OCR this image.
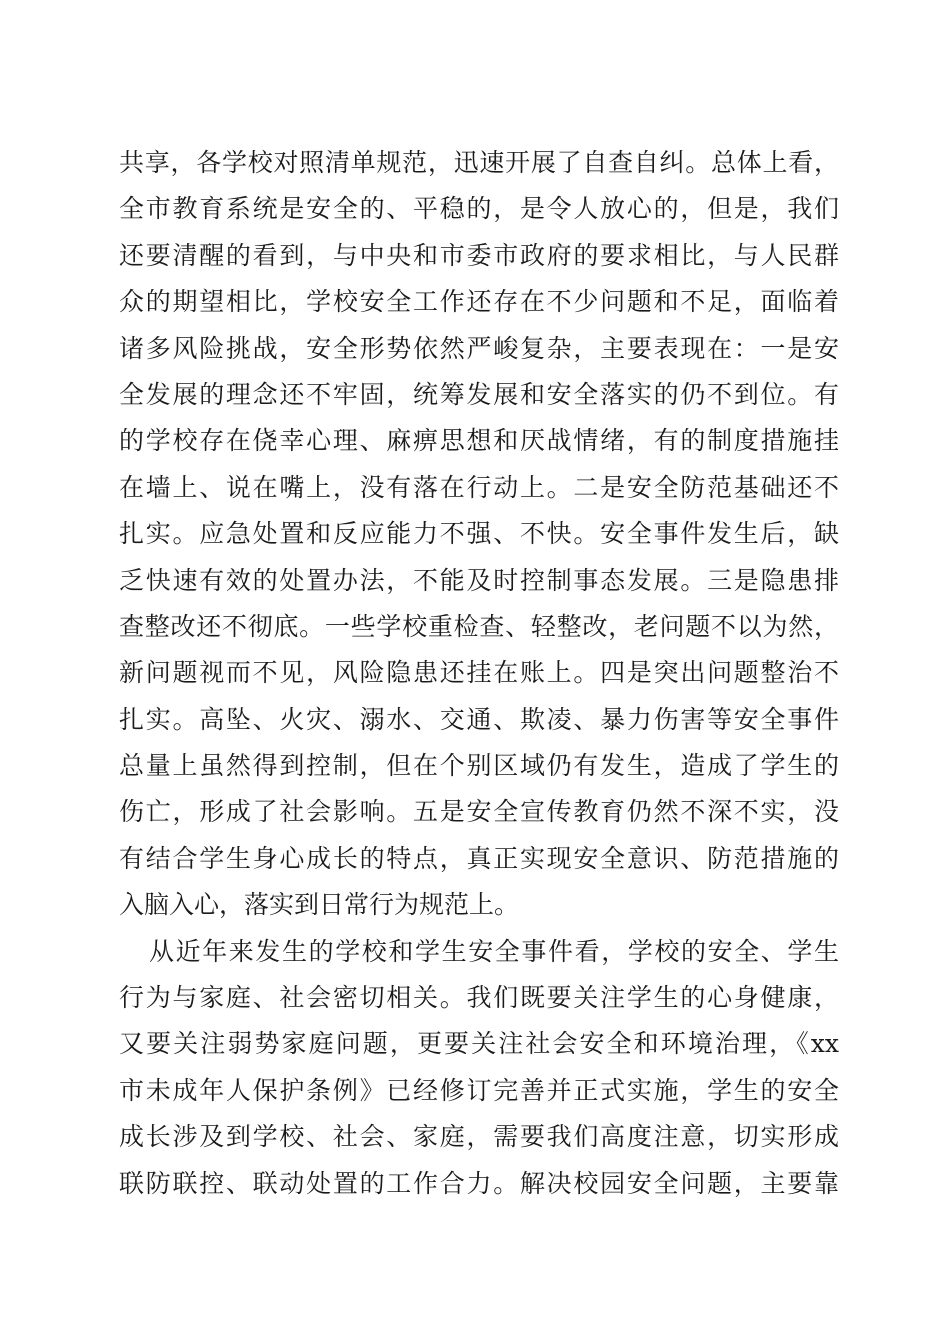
共享，各学校对照清单规范，迅速开展了自查自纠。总体上看，
全市教育系统是安全的、平稳的，是令人放心的，但是，我们
还要清醒的看到，与中央和市委市政府的要求相比，与人民群
众的期望相比，学校安全工作还存在不少问题和不足，面临着
诸多风险挑战，安全形势依然严峻复杂，主要表现在：一是安
全发展的理念还不牢固，统筹发展和安全落实的仍不到位。有
的学校存在侥幸心理、麻痹思想和厌战情绪，有的制度措施挂
在墙上、说在嘴上，没有落在行动上。二是安全防范基础还不
扎实。应急处置和反应能力不强、不快。安全事件发生后，缺
乏快速有效的处置办法，不能及时控制事态发展。三是隐患排
查整改还不彻底。一些学校重检查、轻整改，老问题不以为然，
新问题视而不见，风险隐患还挂在账上。四是突出问题整治不
扎实。高坠、火灾、溺水、交通、欺凌、暴力伤害等安全事件
总量上虽然得到控制，但在个别区域仍有发生，造成了学生的
伤亡，形成了社会影响。五是安全宣传教育仍然不深不实，没
有结合学生身心成长的特点，真正实现安全意识、防范措施的
入脑入心，落实到日常行为规范上。
从近年来发生的学校和学生安全事件看，学校的安全、学生
行为与家庭、社会密切相关。我们既要关注学生的心身健康，
又要关注弱势家庭问题，更要关注社会安全和环境治理，《xx
市未成年人保护条例》已经修订完善并正式实施，学生的安全
成长涉及到学校、社会、家庭，需要我们高度注意，切实形成
联防联控、联动处置的工作合力。解决校园安全问题，主要靠
